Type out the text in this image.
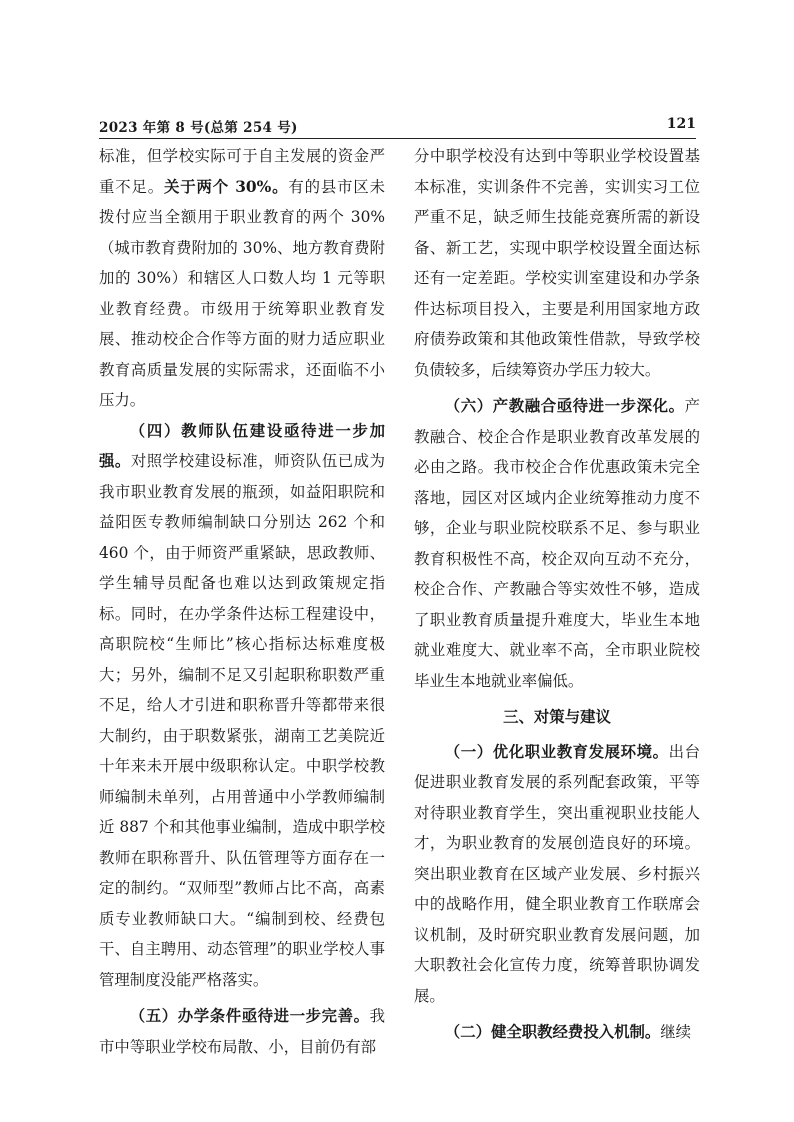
2023 年第 8 号(总第 254 号)	121

标准，但学校实际可于自主发展的资金严重不足。关于两个 30%。有的县市区未拨付应当全额用于职业教育的两个 30%（城市教育费附加的 30%、地方教育费附加的 30%）和辖区人口数人均 1 元等职业教育经费。市级用于统筹职业教育发展、推动校企合作等方面的财力适应职业教育高质量发展的实际需求，还面临不小压力。

（四）教师队伍建设亟待进一步加强。对照学校建设标准，师资队伍已成为我市职业教育发展的瓶颈，如益阳职院和益阳医专教师编制缺口分别达 262 个和 460 个，由于师资严重紧缺，思政教师、学生辅导员配备也难以达到政策规定指标。同时，在办学条件达标工程建设中，高职院校“生师比”核心指标达标难度极大；另外，编制不足又引起职称职数严重不足，给人才引进和职称晋升等都带来很大制约，由于职数紧张，湖南工艺美院近十年来未开展中级职称认定。中职学校教师编制未单列，占用普通中小学教师编制近 887 个和其他事业编制，造成中职学校教师在职称晋升、队伍管理等方面存在一定的制约。“双师型”教师占比不高，高素质专业教师缺口大。“编制到校、经费包干、自主聘用、动态管理”的职业学校人事管理制度没能严格落实。

（五）办学条件亟待进一步完善。我市中等职业学校布局散、小，目前仍有部

分中职学校没有达到中等职业学校设置基本标准，实训条件不完善，实训实习工位严重不足，缺乏师生技能竞赛所需的新设备、新工艺，实现中职学校设置全面达标还有一定差距。学校实训室建设和办学条件达标项目投入，主要是利用国家地方政府债券政策和其他政策性借款，导致学校负债较多，后续筹资办学压力较大。

（六）产教融合亟待进一步深化。产教融合、校企合作是职业教育改革发展的必由之路。我市校企合作优惠政策未完全落地，园区对区域内企业统筹推动力度不够，企业与职业院校联系不足、参与职业教育积极性不高，校企双向互动不充分，校企合作、产教融合等实效性不够，造成了职业教育质量提升难度大，毕业生本地就业难度大、就业率不高，全市职业院校毕业生本地就业率偏低。

三、对策与建议

（一）优化职业教育发展环境。出台促进职业教育发展的系列配套政策，平等对待职业教育学生，突出重视职业技能人才，为职业教育的发展创造良好的环境。突出职业教育在区域产业发展、乡村振兴中的战略作用，健全职业教育工作联席会议机制，及时研究职业教育发展问题，加大职教社会化宣传力度，统筹普职协调发展。

（二）健全职教经费投入机制。继续
